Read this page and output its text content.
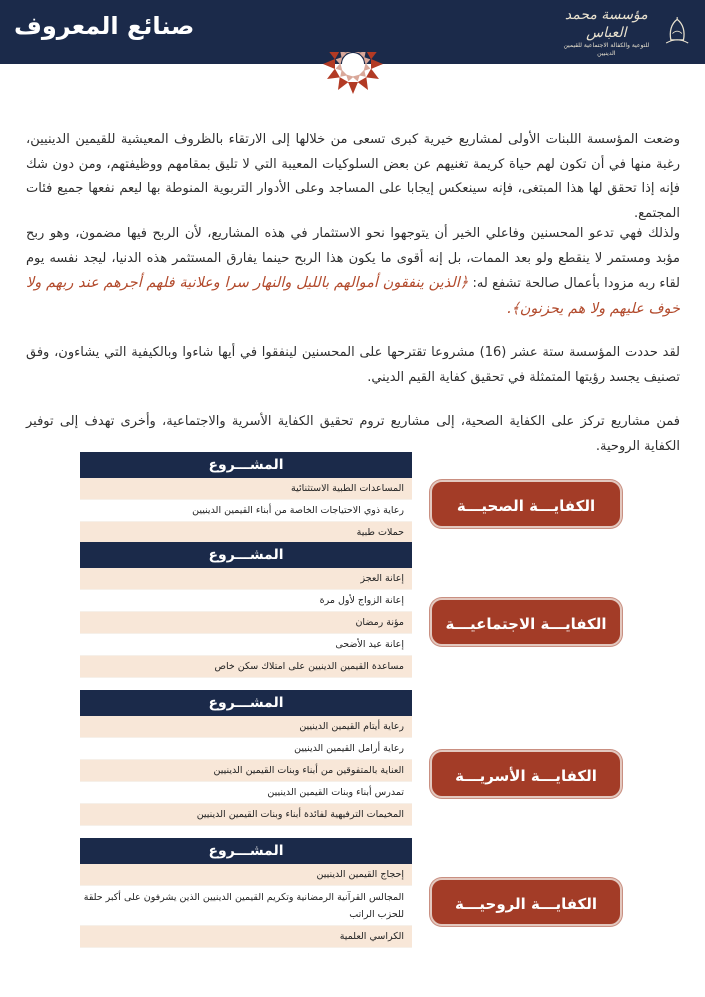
صنائع المعروف	مؤسسة محمد العباس
للتوعية والكفالة الاجتماعية للقيمين الدينيين
وضعت المؤسسة اللبنات الأولى لمشاريع خيرية كبرى تسعى من خلالها إلى الارتقاء بالظروف المعيشية للقيمين الدينيين، رغبة منها في أن تكون لهم حياة كريمة تغنيهم عن بعض السلوكيات المعيبة التي لا تليق بمقامهم ووظيفتهم، ومن دون شك فإنه إذا تحقق لها هذا المبتغى، فإنه سينعكس إيجابا على المساجد وعلى الأدوار التربوية المنوطة بها ليعم نفعها جميع فئات المجتمع.
ولذلك فهي تدعو المحسنين وفاعلي الخير أن يتوجهوا نحو الاستثمار في هذه المشاريع، لأن الربح فيها مضمون، وهو ربح مؤبد ومستمر لا ينقطع ولو بعد الممات، بل إنه أقوى ما يكون هذا الربح حينما يفارق المستثمر هذه الدنيا، ليجد نفسه يوم لقاء ربه مزودا بأعمال صالحة تشفع له: ﴿الذين ينفقون أموالهم بالليل والنهار سرا وعلانية فلهم أجرهم عند ربهم ولا خوف عليهم ولا هم يحزنون﴾.
لقد حددت المؤسسة ستة عشر (16) مشروعا تقترحها على المحسنين لينفقوا في أيها شاءوا وبالكيفية التي يشاءون، وفق تصنيف يجسد رؤيتها المتمثلة في تحقيق كفاية القيم الديني.
فمن مشاريع تركز على الكفاية الصحية، إلى مشاريع تروم تحقيق الكفاية الأسرية والاجتماعية، وأخرى تهدف إلى توفير الكفاية الروحية.
المشـــروع
المساعدات الطبية الاستثنائية
رعاية ذوي الاحتياجات الخاصة من أبناء القيمين الدينيين
حملات طبية
الكفايـــة الصحيـــة
المشـــروع
إعانة العجز
إعانة الزواج لأول مرة
مؤنة رمضان
إعانة عيد الأضحى
مساعدة القيمين الدينيين على امتلاك سكن خاص
الكفايـــة الاجتماعيـــة
المشـــروع
رعاية أيتام القيمين الدينيين
رعاية أرامل القيمين الدينيين
العناية بالمتفوقين من أبناء وبنات القيمين الدينيين
تمدرس أبناء وبنات القيمين الدينيين
المخيمات الترفيهية لفائدة أبناء وبنات القيمين الدينيين
الكفايـــة الأسريـــة
المشـــروع
إحجاج القيمين الدينيين
المجالس القرآنية الرمضانية وتكريم القيمين الدينيين الذين يشرفون على أكبر حلقة للحزب الراتب
الكراسي العلمية
الكفايـــة الروحيـــة
